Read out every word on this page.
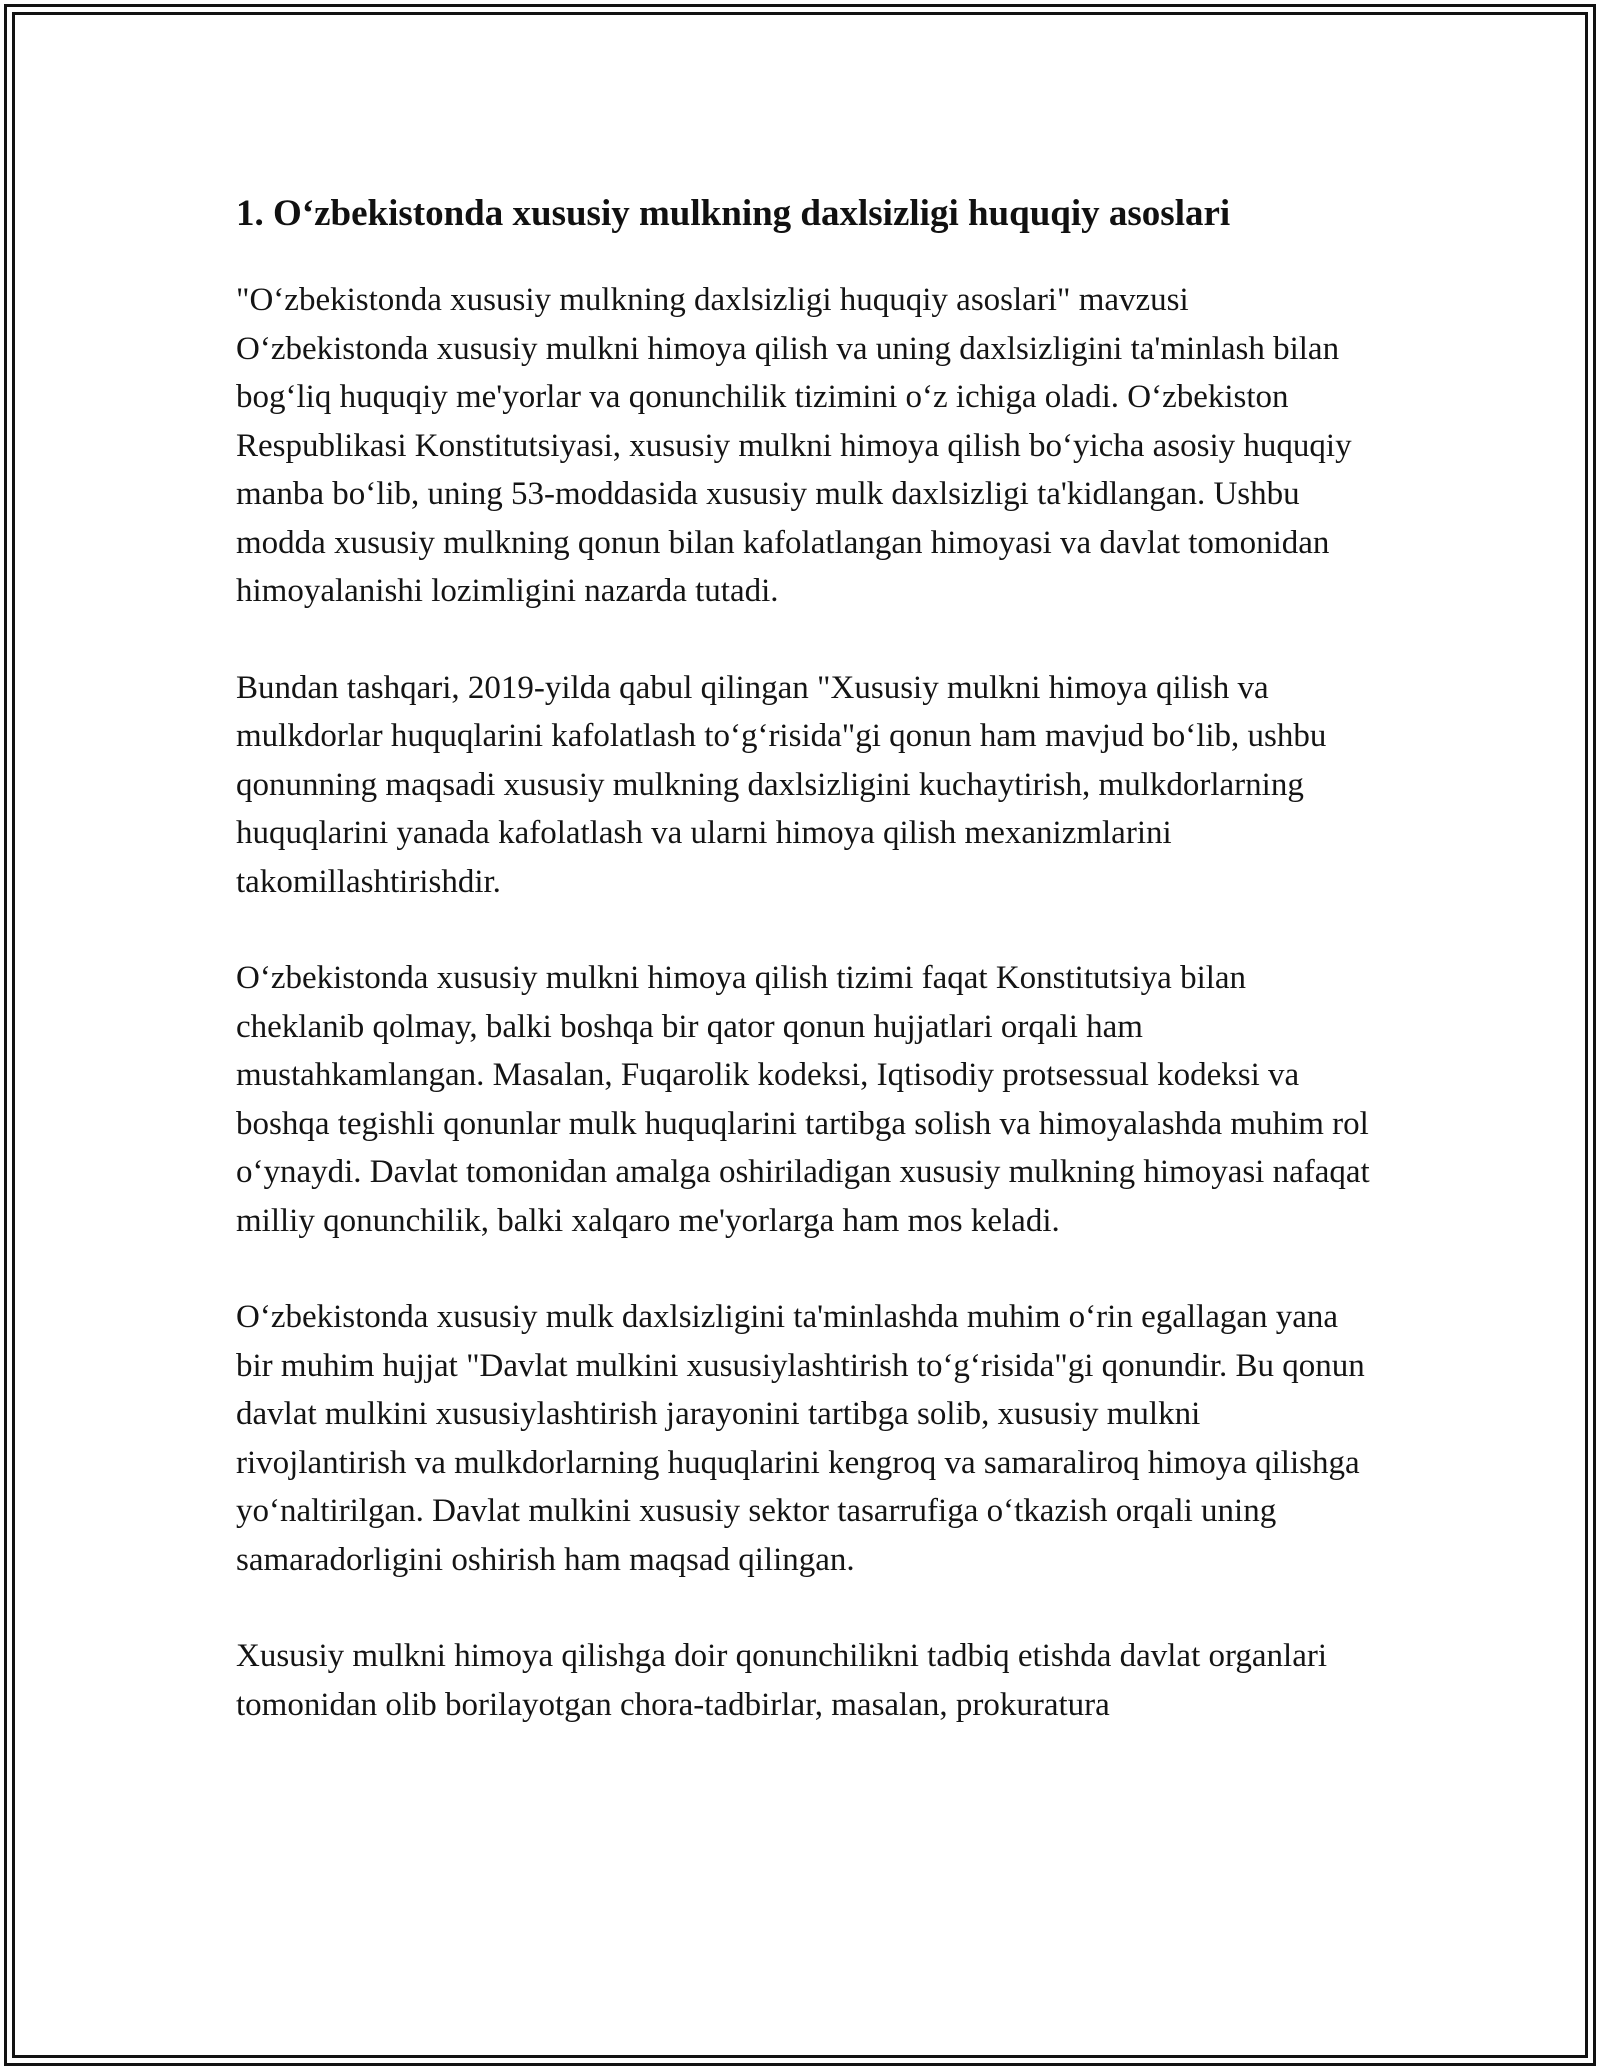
1. O‘zbekistonda xususiy mulkning daxlsizligi huquqiy asoslari

"O‘zbekistonda xususiy mulkning daxlsizligi huquqiy asoslari" mavzusi O‘zbekistonda xususiy mulkni himoya qilish va uning daxlsizligini ta'minlash bilan bog‘liq huquqiy me'yorlar va qonunchilik tizimini o‘z ichiga oladi. O‘zbekiston Respublikasi Konstitutsiyasi, xususiy mulkni himoya qilish bo‘yicha asosiy huquqiy manba bo‘lib, uning 53-moddasida xususiy mulk daxlsizligi ta'kidlangan. Ushbu modda xususiy mulkning qonun bilan kafolatlangan himoyasi va davlat tomonidan himoyalanishi lozimligini nazarda tutadi.

Bundan tashqari, 2019-yilda qabul qilingan "Xususiy mulkni himoya qilish va mulkdorlar huquqlarini kafolatlash to‘g‘risida"gi qonun ham mavjud bo‘lib, ushbu qonunning maqsadi xususiy mulkning daxlsizligini kuchaytirish, mulkdorlarning huquqlarini yanada kafolatlash va ularni himoya qilish mexanizmlarini takomillashtirishdir.

O‘zbekistonda xususiy mulkni himoya qilish tizimi faqat Konstitutsiya bilan cheklanib qolmay, balki boshqa bir qator qonun hujjatlari orqali ham mustahkamlangan. Masalan, Fuqarolik kodeksi, Iqtisodiy protsessual kodeksi va boshqa tegishli qonunlar mulk huquqlarini tartibga solish va himoyalashda muhim rol o‘ynaydi. Davlat tomonidan amalga oshiriladigan xususiy mulkning himoyasi nafaqat milliy qonunchilik, balki xalqaro me'yorlarga ham mos keladi.

O‘zbekistonda xususiy mulk daxlsizligini ta'minlashda muhim o‘rin egallagan yana bir muhim hujjat "Davlat mulkini xususiylashtirish to‘g‘risida"gi qonundir. Bu qonun davlat mulkini xususiylashtirish jarayonini tartibga solib, xususiy mulkni rivojlantirish va mulkdorlarning huquqlarini kengroq va samaraliroq himoya qilishga yo‘naltirilgan. Davlat mulkini xususiy sektor tasarrufiga o‘tkazish orqali uning samaradorligini oshirish ham maqsad qilingan.

Xususiy mulkni himoya qilishga doir qonunchilikni tadbiq etishda davlat organlari tomonidan olib borilayotgan chora-tadbirlar, masalan, prokuratura
